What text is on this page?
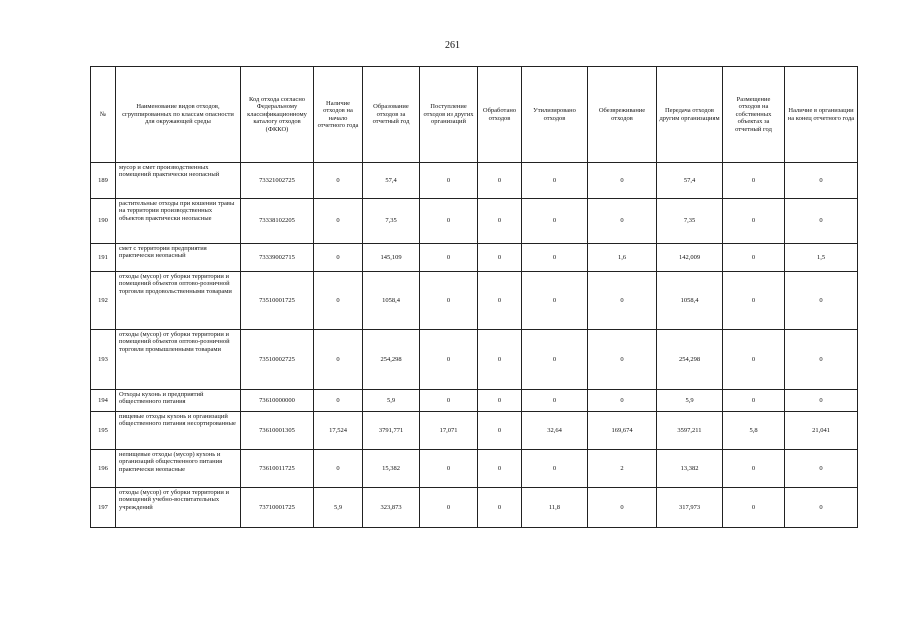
261
№	Наименование видов отходов, сгруппированных по классам опасности для окружающей среды	Код отхода согласно Федеральному классификационному каталогу отходов (ФККО)	Наличие отходов на начало отчетного года	Образование отходов за отчетный год	Поступление отходов из других организаций	Обработано отходов	Утилизировано отходов	Обезвреживание отходов	Передача отходов другим организациям	Размещение отходов на собственных объектах за отчетный год	Наличие в организации на конец отчетного года
189	мусор и смет производственных помещений практически неопасный	73321002725	0	57,4	0	0	0	0	57,4	0	0
190	растительные отходы при кошении травы на территории производственных объектов практически неопасные	73338102205	0	7,35	0	0	0	0	7,35	0	0
191	смет с территории предприятия практически неопасный	73339002715	0	145,109	0	0	0	1,6	142,009	0	1,5
192	отходы (мусор) от уборки территории и помещений объектов оптово-розничной торговли продовольственными товарами	73510001725	0	1058,4	0	0	0	0	1058,4	0	0
193	отходы (мусор) от уборки территории и помещений объектов оптово-розничной торговли промышленными товарами	73510002725	0	254,298	0	0	0	0	254,298	0	0
194	Отходы кухонь и предприятий общественного питания	73610000000	0	5,9	0	0	0	0	5,9	0	0
195	пищевые отходы кухонь и организаций общественного питания несортированные	73610001305	17,524	3791,771	17,071	0	32,64	169,674	3597,211	5,8	21,041
196	непищевые отходы (мусор) кухонь и организаций общественного питания практически неопасные	73610011725	0	15,382	0	0	0	2	13,382	0	0
197	отходы (мусор) от уборки территории и помещений учебно-воспитательных учреждений	73710001725	5,9	323,873	0	0	11,8	0	317,973	0	0
